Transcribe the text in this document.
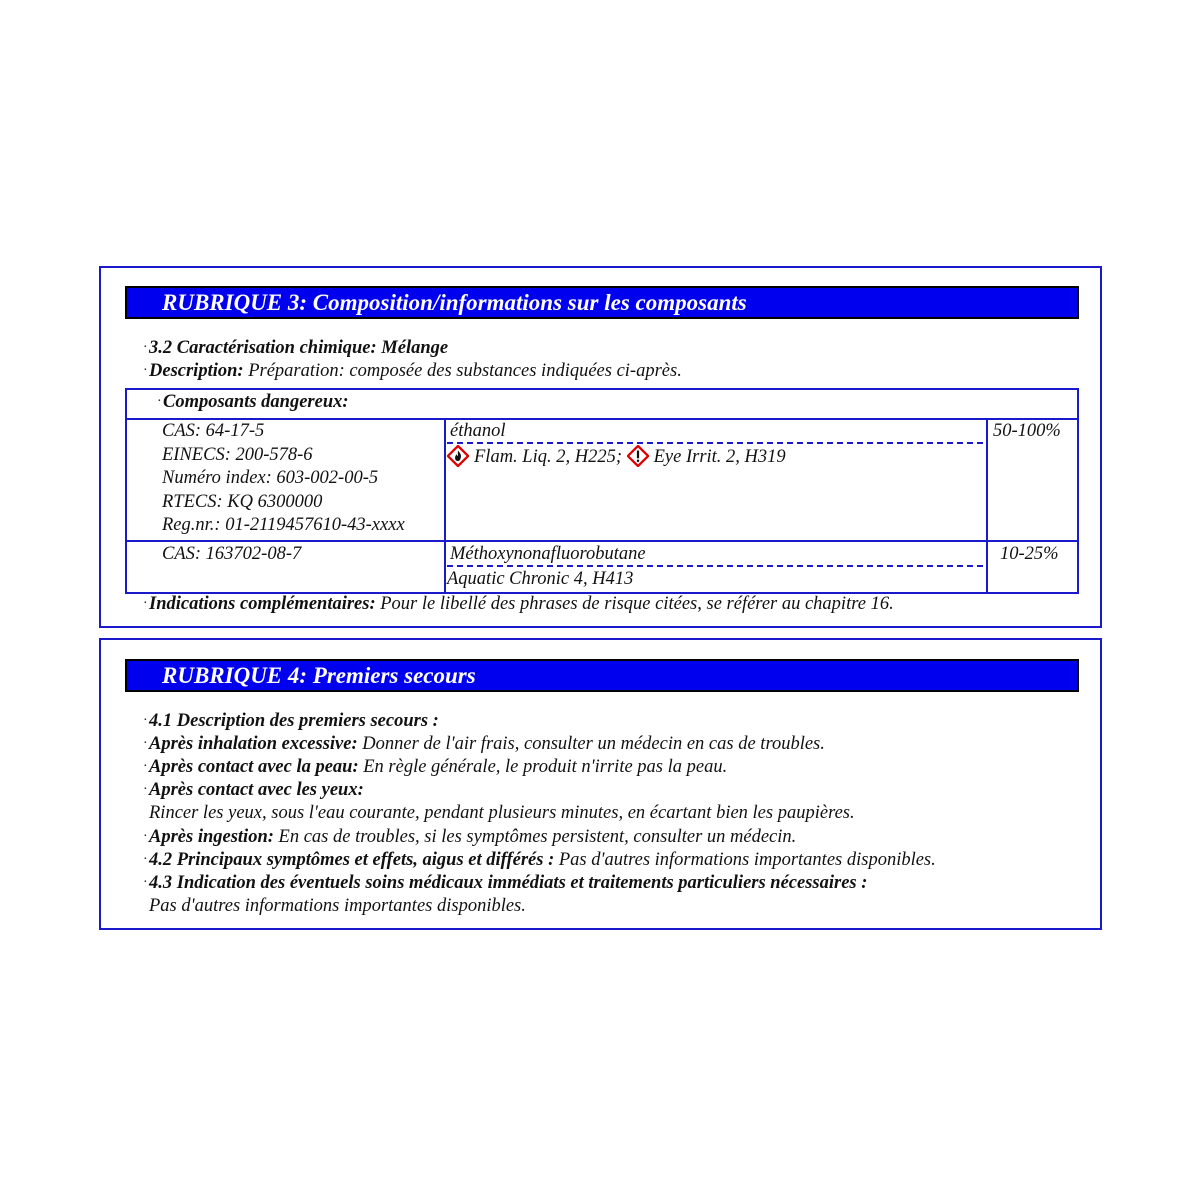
RUBRIQUE 3: Composition/informations sur les composants
· 3.2 Caractérisation chimique: Mélange
· Description: Préparation: composée des substances indiquées ci-après.
· Composants dangereux:
CAS: 64-17-5
EINECS: 200-578-6
Numéro index: 603-002-00-5
RTECS: KQ 6300000
Reg.nr.: 01-2119457610-43-xxxx
éthanol
Flam. Liq. 2, H225; Eye Irrit. 2, H319
50-100%
CAS: 163702-08-7	Méthoxynonafluorobutane
Aquatic Chronic 4, H413
10-25%
· Indications complémentaires: Pour le libellé des phrases de risque citées, se référer au chapitre 16.
RUBRIQUE 4: Premiers secours
· 4.1 Description des premiers secours :
· Après inhalation excessive: Donner de l'air frais, consulter un médecin en cas de troubles.
· Après contact avec la peau: En règle générale, le produit n'irrite pas la peau.
· Après contact avec les yeux:
Rincer les yeux, sous l'eau courante, pendant plusieurs minutes, en écartant bien les paupières.
· Après ingestion: En cas de troubles, si les symptômes persistent, consulter un médecin.
· 4.2 Principaux symptômes et effets, aigus et différés : Pas d'autres informations importantes disponibles.
· 4.3 Indication des éventuels soins médicaux immédiats et traitements particuliers nécessaires :
Pas d'autres informations importantes disponibles.
